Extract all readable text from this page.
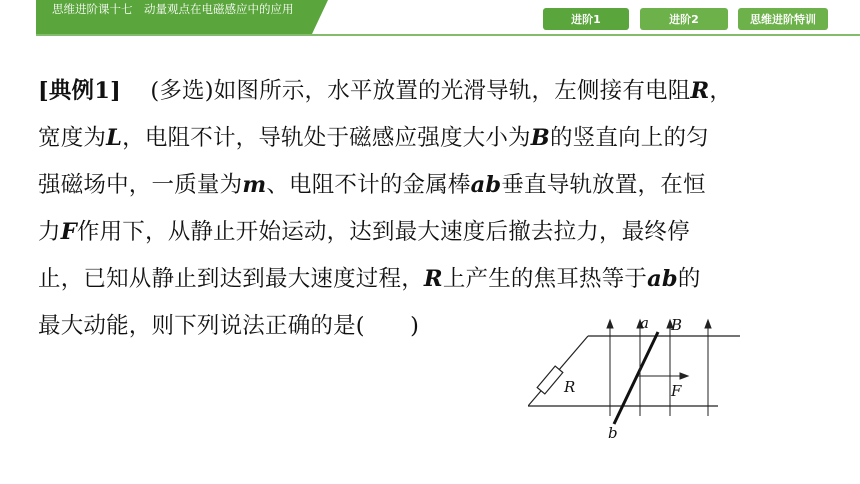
思维进阶课十七　动量观点在电磁感应中的应用
进阶1	进阶2	思维进阶特训
[典例1] (多选)如图所示，水平放置的光滑导轨，左侧接有电阻R，
宽度为L，电阻不计，导轨处于磁感应强度大小为B的竖直向上的匀
强磁场中，一质量为m、电阻不计的金属棒ab垂直导轨放置，在恒
力F作用下，从静止开始运动，达到最大速度后撤去拉力，最终停
止，已知从静止到达到最大速度过程，R上产生的焦耳热等于ab的
最大动能，则下列说法正确的是(　　)	a B
F
R
b
